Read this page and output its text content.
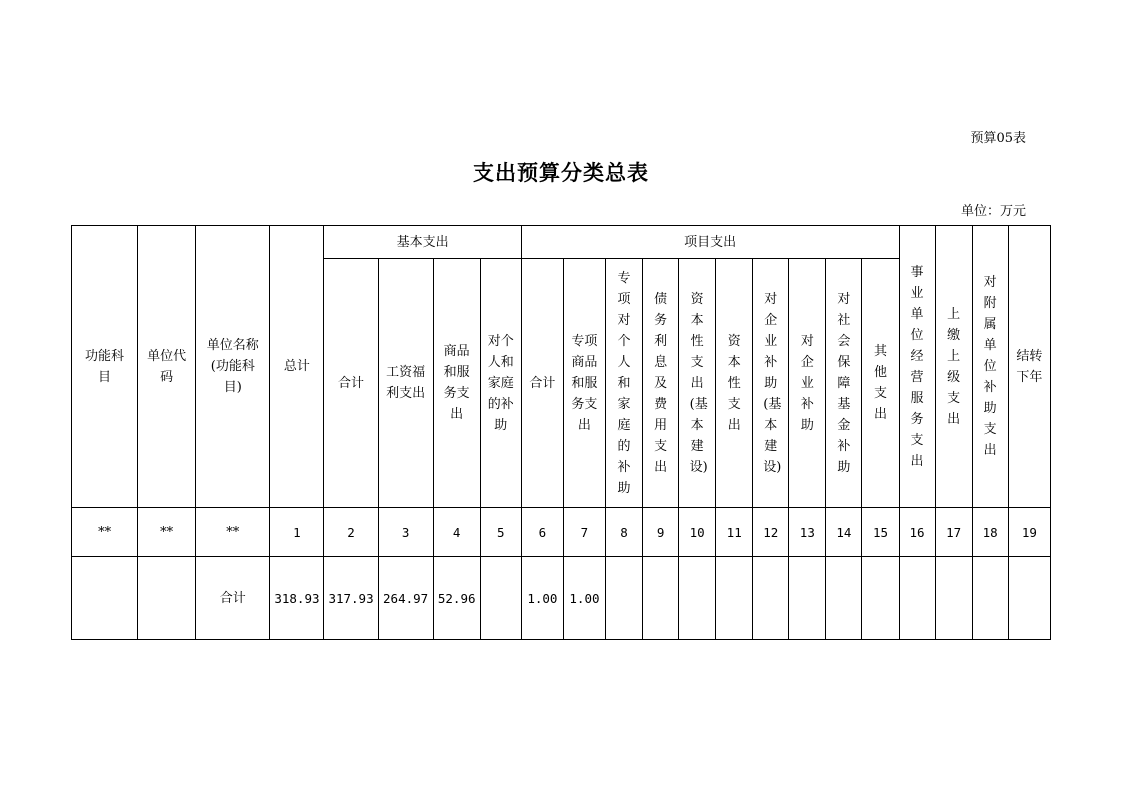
预算05表
支出预算分类总表
单位：万元
功能科目	单位代码	单位名称(功能科目)	总计	基本支出				项目支出										事业单位经营服务支出	上缴上级支出	对附属单位补助支出	结转下年
				合计	工资福利支出	商品和服务支出	对个人和家庭的补助	合计	专项商品和服务支出	专项对个人和家庭的补助	债务利息及费用支出	资本性支出(基本建设)	资本性支出	对企业补助(基本建设)	对企业补助	对社会保障基金补助	其他支出				
**	**	**	1	2	3	4	5	6	7	8	9	10	11	12	13	14	15	16	17	18	19
		合计	318.93	317.93	264.97	52.96		1.00	1.00												
